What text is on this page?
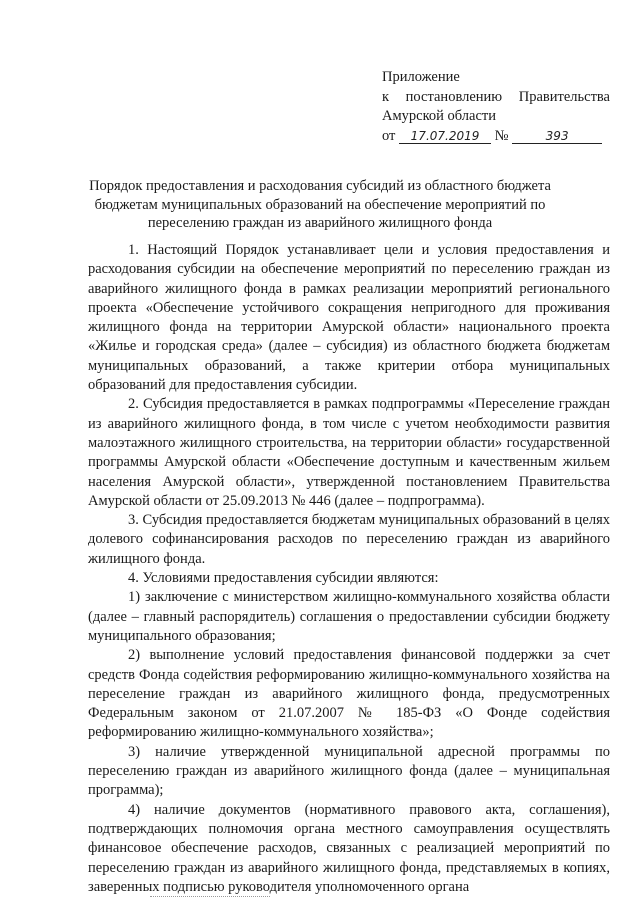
Приложение
к постановлению Правительства
Амурской области
от 17.07.2019 №	393
Порядок предоставления и расходования субсидий из областного бюджета
бюджетам муниципальных образований на обеспечение мероприятий по
переселению граждан из аварийного жилищного фонда

1. Настоящий Порядок устанавливает цели и условия предоставления и расходования субсидии на обеспечение мероприятий по переселению граждан из аварийного жилищного фонда в рамках реализации мероприятий регионального проекта «Обеспечение устойчивого сокращения непригодного для проживания жилищного фонда на территории Амурской области» национального проекта «Жилье и городская среда» (далее – субсидия) из областного бюджета бюджетам муниципальных образований, а также критерии отбора муниципальных образований для предоставления субсидии.

2. Субсидия предоставляется в рамках подпрограммы «Переселение граждан из аварийного жилищного фонда, в том числе с учетом необходимости развития малоэтажного жилищного строительства, на территории области» государственной программы Амурской области «Обеспечение доступным и качественным жильем населения Амурской области», утвержденной постановлением Правительства Амурской области от 25.09.2013 № 446 (далее – подпрограмма).

3. Субсидия предоставляется бюджетам муниципальных образований в целях долевого софинансирования расходов по переселению граждан из аварийного жилищного фонда.

4. Условиями предоставления субсидии являются:

1) заключение с министерством жилищно-коммунального хозяйства области (далее – главный распорядитель) соглашения о предоставлении субсидии бюджету муниципального образования;

2) выполнение условий предоставления финансовой поддержки за счет средств Фонда содействия реформированию жилищно-коммунального хозяйства на переселение граждан из аварийного жилищного фонда, предусмотренных Федеральным законом от 21.07.2007 № 185-ФЗ «О Фонде содействия реформированию жилищно-коммунального хозяйства»;

3) наличие утвержденной муниципальной адресной программы по переселению граждан из аварийного жилищного фонда (далее – муниципальная программа);

4) наличие документов (нормативного правового акта, соглашения), подтверждающих полномочия органа местного самоуправления осуществлять финансовое обеспечение расходов, связанных с реализацией мероприятий по переселению граждан из аварийного жилищного фонда, представляемых в копиях, заверенных подписью руководителя уполномоченного органа
